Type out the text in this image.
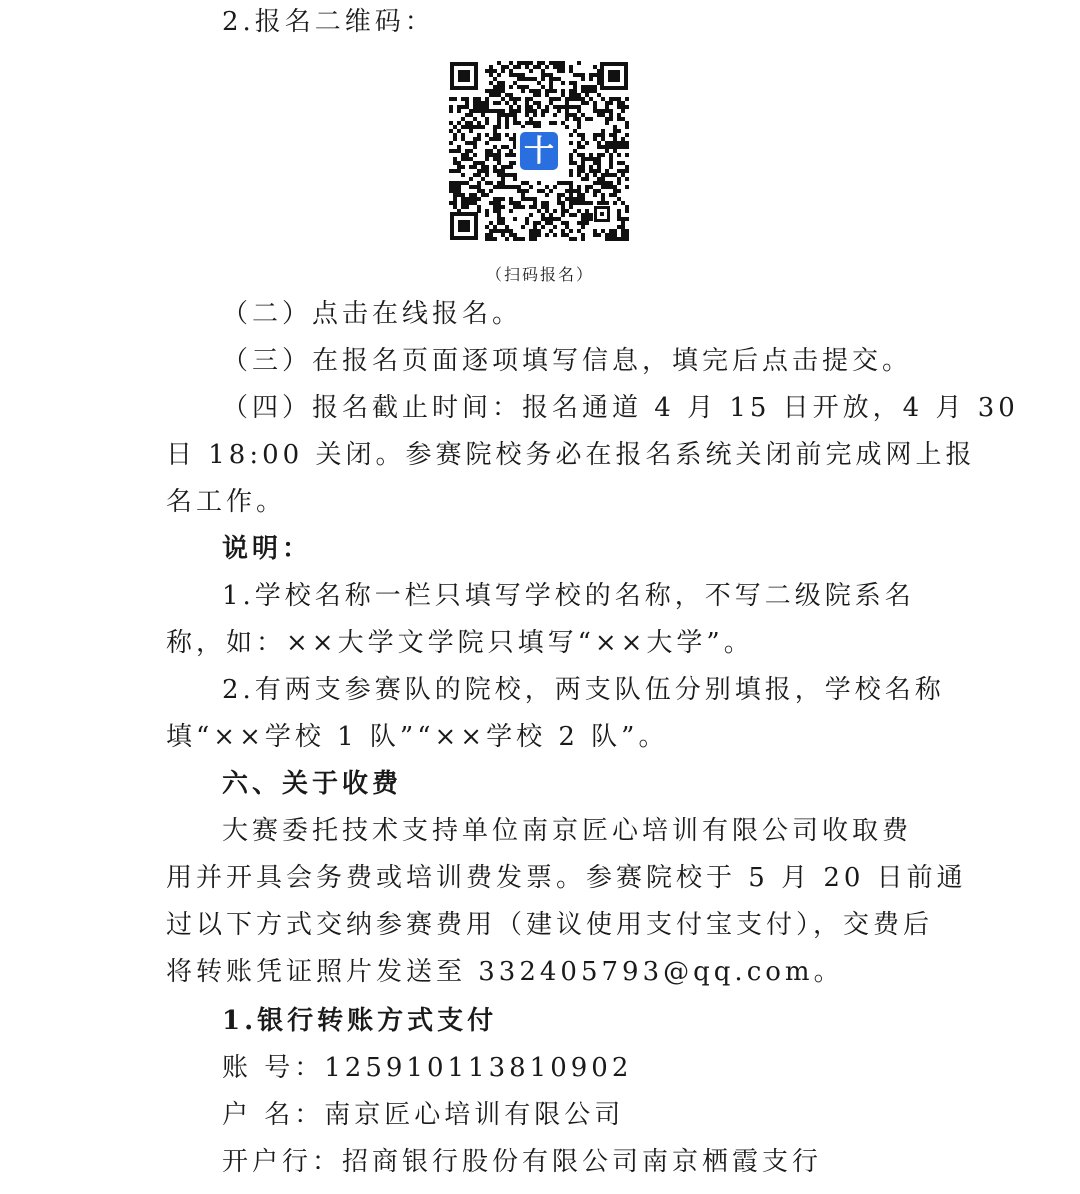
2.报名二维码：
十
（扫码报名）
（二）点击在线报名。
（三）在报名页面逐项填写信息，填完后点击提交。
（四）报名截止时间：报名通道 4 月 15 日开放，4 月 30
日 18:00 关闭。参赛院校务必在报名系统关闭前完成网上报
名工作。
说明：
1.学校名称一栏只填写学校的名称，不写二级院系名
称，如：××大学文学院只填写“××大学”。
2.有两支参赛队的院校，两支队伍分别填报，学校名称
填“××学校 1 队”“××学校 2 队”。
六、关于收费
大赛委托技术支持单位南京匠心培训有限公司收取费
用并开具会务费或培训费发票。参赛院校于 5 月 20 日前通
过以下方式交纳参赛费用（建议使用支付宝支付），交费后
将转账凭证照片发送至 332405793@qq.com。
1.银行转账方式支付
账 号：125910113810902
户 名：南京匠心培训有限公司
开户行：招商银行股份有限公司南京栖霞支行
